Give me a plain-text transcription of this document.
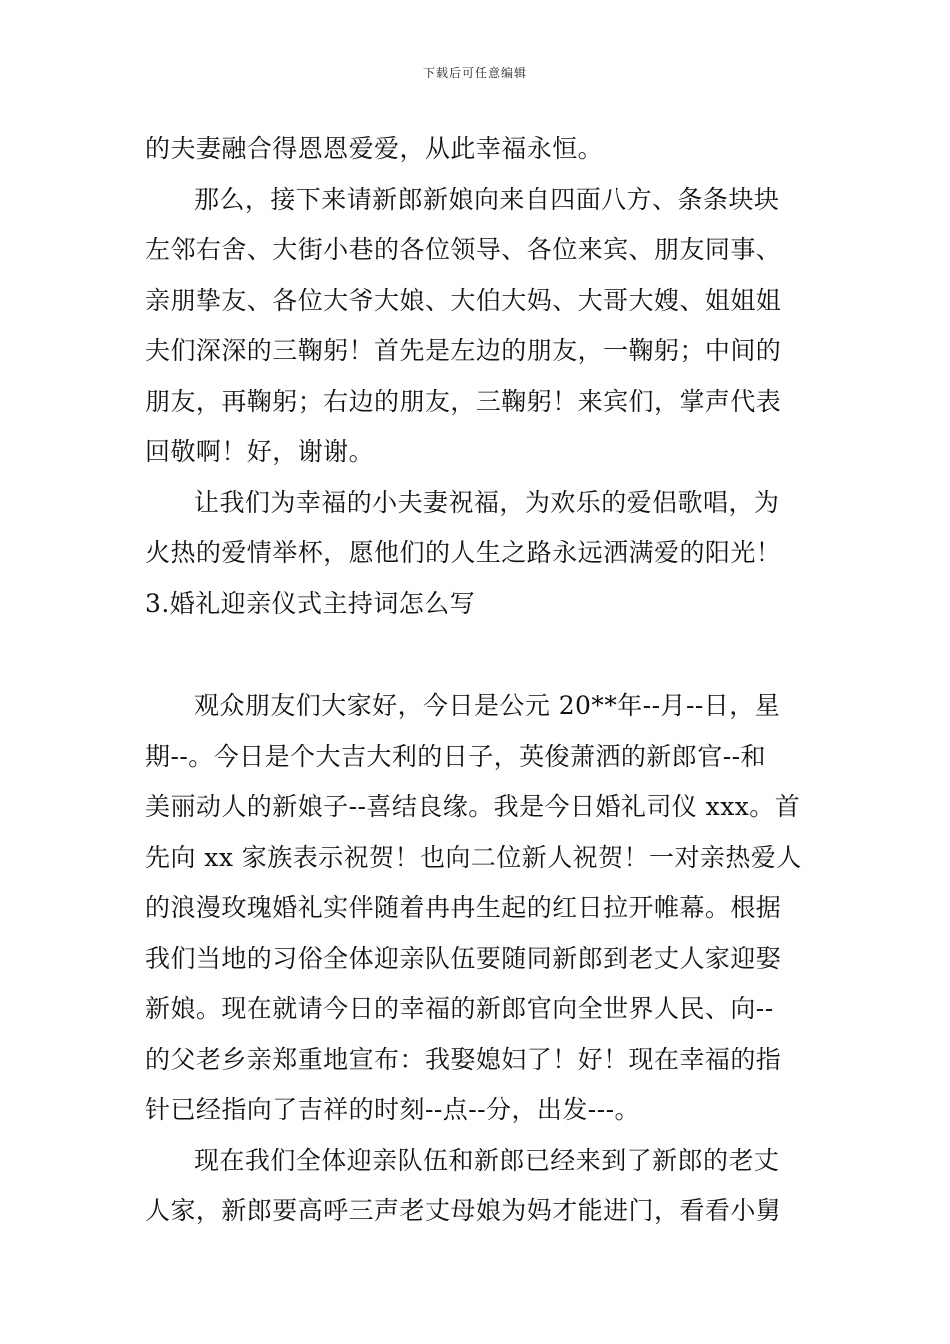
下载后可任意编辑
的夫妻融合得恩恩爱爱，从此幸福永恒。
那么，接下来请新郎新娘向来自四面八方、条条块块
左邻右舍、大街小巷的各位领导、各位来宾、朋友同事、
亲朋挚友、各位大爷大娘、大伯大妈、大哥大嫂、姐姐姐
夫们深深的三鞠躬！首先是左边的朋友，一鞠躬；中间的
朋友，再鞠躬；右边的朋友，三鞠躬！来宾们，掌声代表
回敬啊！好，谢谢。
让我们为幸福的小夫妻祝福，为欢乐的爱侣歌唱，为
火热的爱情举杯，愿他们的人生之路永远洒满爱的阳光！
3.婚礼迎亲仪式主持词怎么写
观众朋友们大家好，今日是公元 20**年--月--日，星
期--。今日是个大吉大利的日子，英俊萧洒的新郎官--和
美丽动人的新娘子--喜结良缘。我是今日婚礼司仪 xxx。首
先向 xx 家族表示祝贺！也向二位新人祝贺！一对亲热爱人
的浪漫玫瑰婚礼实伴随着冉冉生起的红日拉开帷幕。根据
我们当地的习俗全体迎亲队伍要随同新郎到老丈人家迎娶
新娘。现在就请今日的幸福的新郎官向全世界人民、向--
的父老乡亲郑重地宣布：我娶媳妇了！好！现在幸福的指
针已经指向了吉祥的时刻--点--分，出发---。
现在我们全体迎亲队伍和新郎已经来到了新郎的老丈
人家，新郎要高呼三声老丈母娘为妈才能进门，看看小舅
